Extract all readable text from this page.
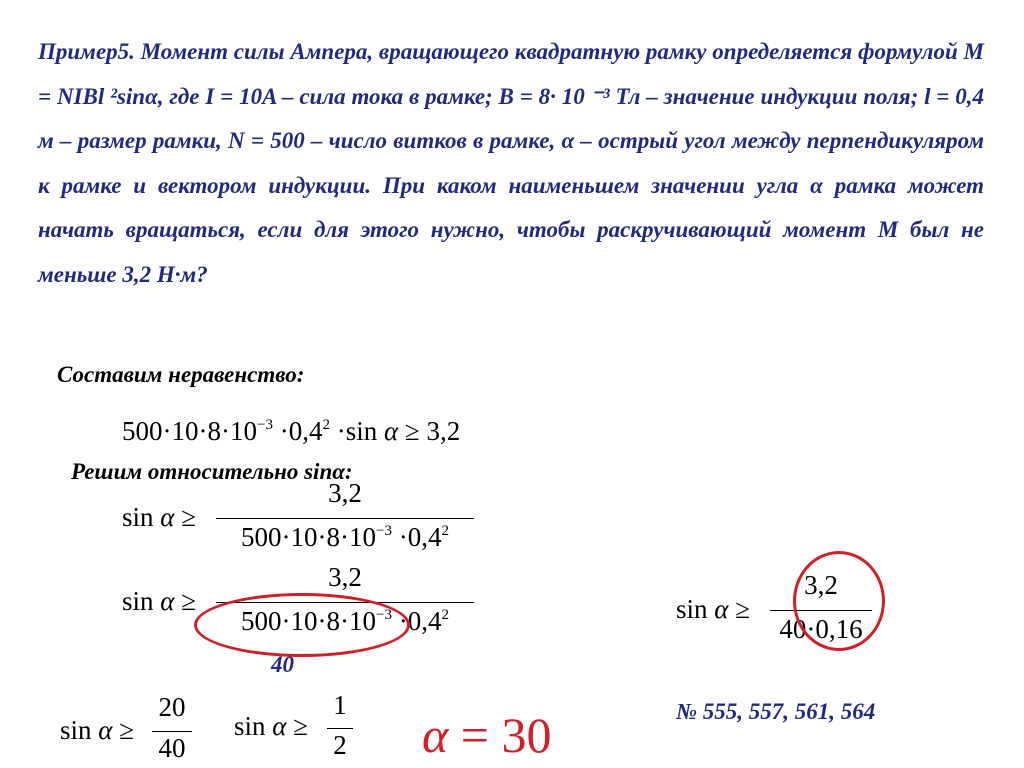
Пример5. Момент силы Ампера, вращающего квадратную рамку определяется формулой M = NIBl ²sinα, где I = 10A – сила тока в рамке; B = 8· 10 ⁻³ Тл – значение индукции поля; l = 0,4 м – размер рамки, N = 500 – число витков в рамке, α – острый угол между перпендикуляром к рамке и вектором индукции. При каком наименьшем значении угла α рамка может начать вращаться, если для этого нужно, чтобы раскручивающий момент M был не меньше 3,2 Н·м?
Составим неравенство:
$500\cdot 10\cdot 8\cdot 10^{-3} \cdot 0,4^2 \cdot\sin$ α ≥ 3,2
Решим относительно sinα:
sin α ≥
3,2
$500\cdot 10\cdot 8\cdot 10^{-3} \cdot 0,4^2$
sin α ≥
3,2
$500\cdot 10\cdot 8\cdot 10^{-3} \cdot 0,4^2$
40
sin α ≥
3,2
40·0,16
№ 555, 557, 561, 564
sin α ≥
20
40
sin α ≥
1
2 α = 30
